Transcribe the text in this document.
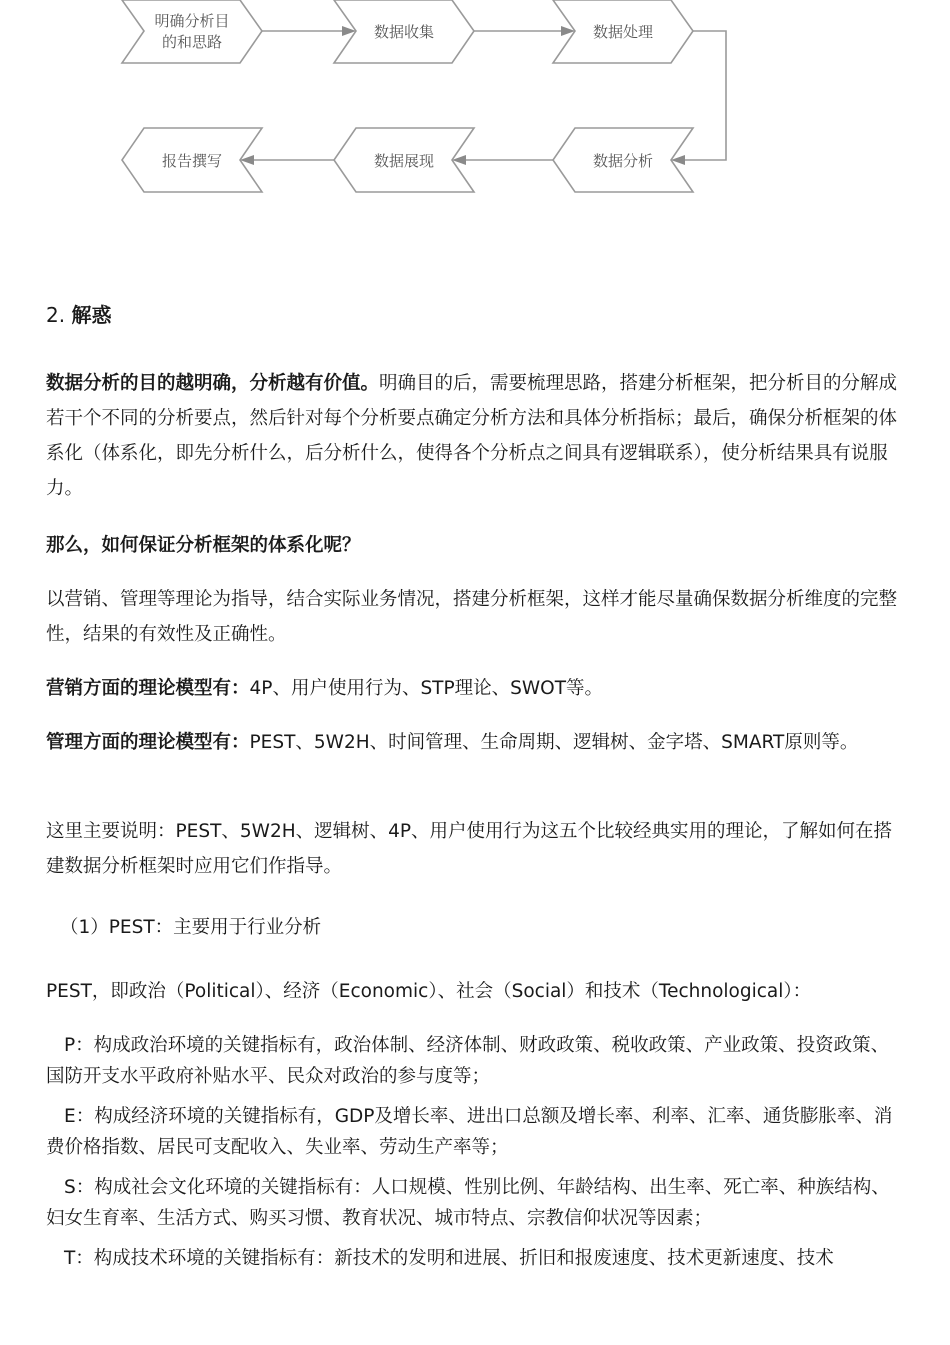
明确分析目
的和思路
数据收集	数据处理
数据分析
数据展现
报告撰写
2. 解惑

数据分析的目的越明确，分析越有价值。明确目的后，需要梳理思路，搭建分析框架，把分析目的分解成若干个不同的分析要点，然后针对每个分析要点确定分析方法和具体分析指标；最后，确保分析框架的体系化（体系化，即先分析什么，后分析什么，使得各个分析点之间具有逻辑联系），使分析结果具有说服力。

那么，如何保证分析框架的体系化呢？

以营销、管理等理论为指导，结合实际业务情况，搭建分析框架，这样才能尽量确保数据分析维度的完整性，结果的有效性及正确性。

营销方面的理论模型有：4P、用户使用行为、STP理论、SWOT等。

管理方面的理论模型有：PEST、5W2H、时间管理、生命周期、逻辑树、金字塔、SMART原则等。

这里主要说明：PEST、5W2H、逻辑树、4P、用户使用行为这五个比较经典实用的理论，了解如何在搭建数据分析框架时应用它们作指导。

（1）PEST：主要用于行业分析

PEST，即政治（Political）、经济（Economic）、社会（Social）和技术（Technological）：

P：构成政治环境的关键指标有，政治体制、经济体制、财政政策、税收政策、产业政策、投资政策、国防开支水平政府补贴水平、民众对政治的参与度等；

E：构成经济环境的关键指标有，GDP及增长率、进出口总额及增长率、利率、汇率、通货膨胀率、消费价格指数、居民可支配收入、失业率、劳动生产率等；

S：构成社会文化环境的关键指标有：人口规模、性别比例、年龄结构、出生率、死亡率、种族结构、妇女生育率、生活方式、购买习惯、教育状况、城市特点、宗教信仰状况等因素；

T：构成技术环境的关键指标有：新技术的发明和进展、折旧和报废速度、技术更新速度、技术
